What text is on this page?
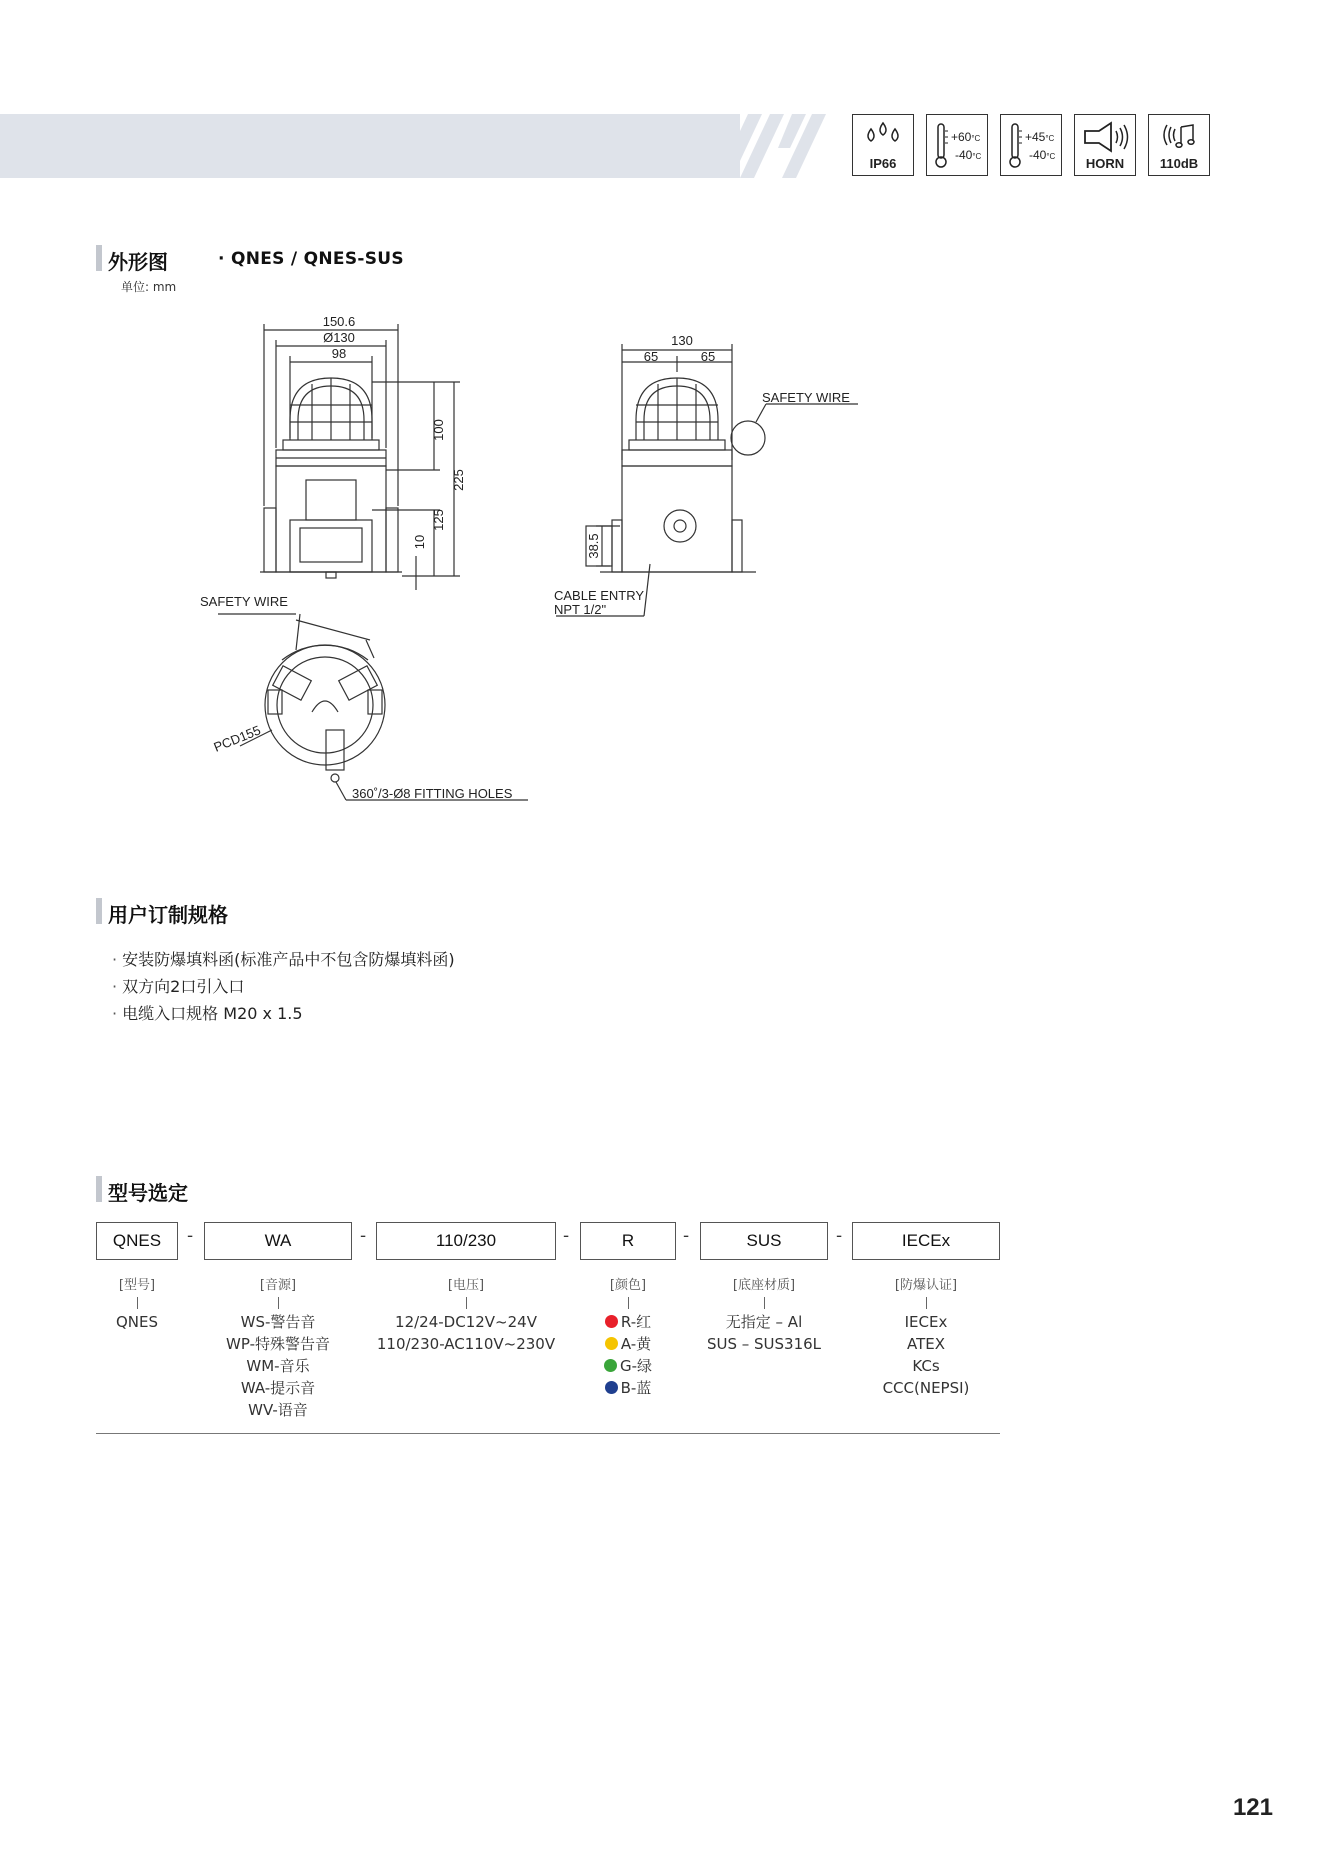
IP66
+60°C
-40°C
+45°C
-40°C	HORN	110dB
外形图	· QNES / QNES-SUS
单位: mm
150.6
Ø130
98
100
225
125
10
130
65	65
38.5
SAFETY WIRE
CABLE ENTRY
NPT 1/2"
SAFETY WIRE
PCD155
360˚/3-Ø8 FITTING HOLES
用户订制规格
· 安装防爆填料函(标准产品中不包含防爆填料函)
· 双方向2口引入口
· 电缆入口规格 M20 x 1.5
型号选定
QNES	-	WA	-	110/230	-	R	-	SUS	-	IECEx
[型号]
QNES
[音源]
WS-警告音
WP-特殊警告音
WM-音乐
WA-提示音
WV-语音
[电压]
12/24-DC12V~24V
110/230-AC110V~230V
[颜色]
R-红
A-黄
G-绿
B-蓝
[底座材质]
无指定 – Al
SUS – SUS316L
[防爆认证]
IECEx
ATEX
KCs
CCC(NEPSI)
121
